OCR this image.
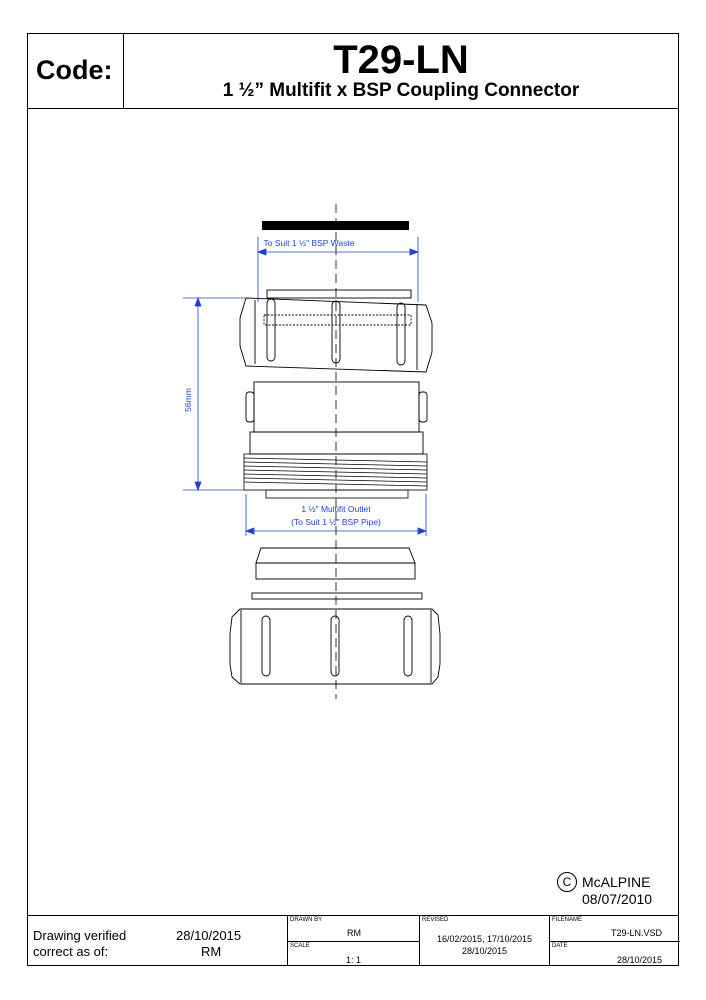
Code:	T29-LN
1 ½” Multifit x BSP Coupling Connector
To Suit 1 ½" BSP Waste
56mm
1 ½" Multifit Outlet
(To Suit 1 ½" BSP Pipe)
C McALPINE
08/07/2010
Drawing verified
correct as of:
28/10/2015
RM
DRAWN BY
RM
SCALE
1: 1
REVISED
16/02/2015, 17/10/2015
28/10/2015
FILENAME
T29-LN.VSD
DATE
28/10/2015
